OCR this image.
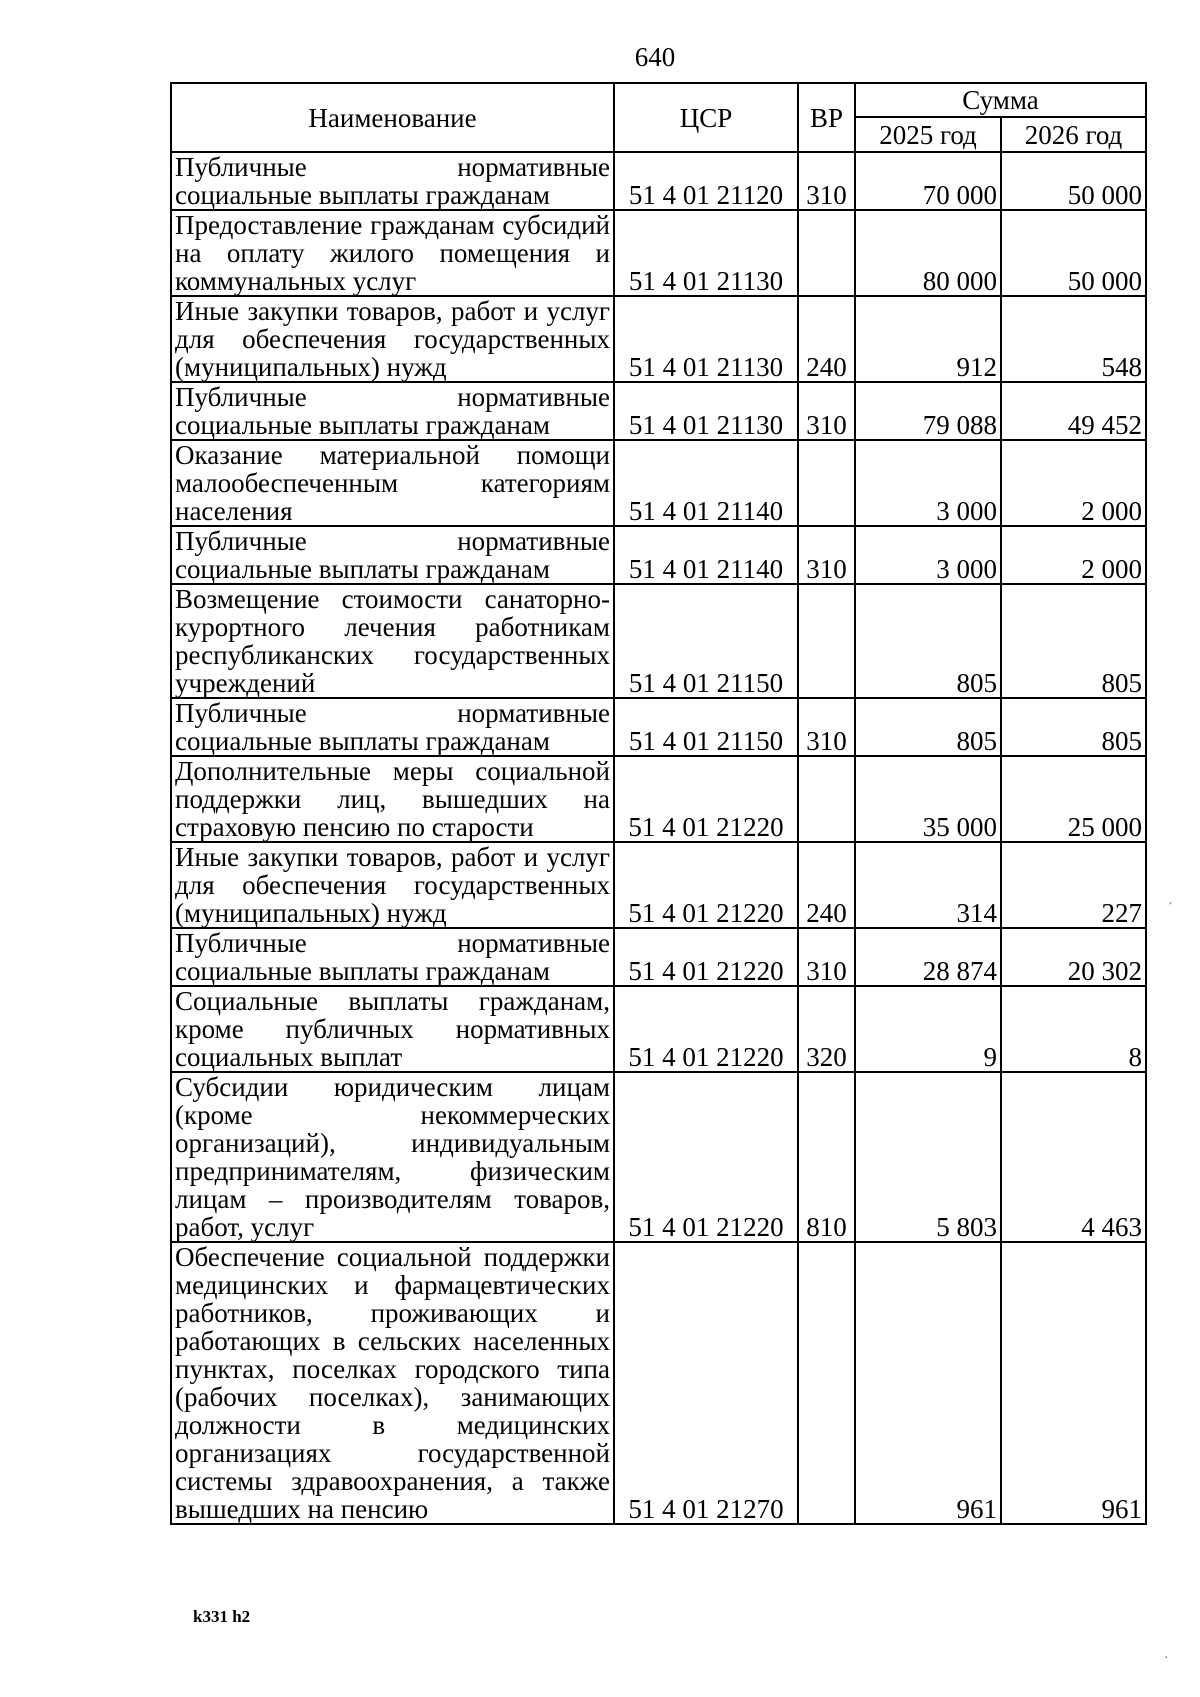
640
Наименование	ЦСР	ВР	Сумма	
			2025 год	2026 год
Публичные нормативные социальные выплаты гражданам	51 4 01 21120	310	70 000	50 000
Предоставление гражданам субсидий на оплату жилого помещения и коммунальных услуг	51 4 01 21130		80 000	50 000
Иные закупки товаров, работ и услуг для обеспечения государственных (муниципальных) нужд	51 4 01 21130	240	912	548
Публичные нормативные социальные выплаты гражданам	51 4 01 21130	310	79 088	49 452
Оказание материальной помощи малообеспеченным категориям населения	51 4 01 21140		3 000	2 000
Публичные нормативные социальные выплаты гражданам	51 4 01 21140	310	3 000	2 000
Возмещение стоимости санаторно-курортного лечения работникам республиканских государственных учреждений	51 4 01 21150		805	805
Публичные нормативные социальные выплаты гражданам	51 4 01 21150	310	805	805
Дополнительные меры социальной поддержки лиц, вышедших на страховую пенсию по старости	51 4 01 21220		35 000	25 000
Иные закупки товаров, работ и услуг для обеспечения государственных (муниципальных) нужд	51 4 01 21220	240	314	227
Публичные нормативные социальные выплаты гражданам	51 4 01 21220	310	28 874	20 302
Социальные выплаты гражданам, кроме публичных нормативных социальных выплат	51 4 01 21220	320	9	8
Субсидии юридическим лицам (кроме некоммерческих организаций), индивидуальным предпринимателям, физическим лицам – производителям товаров, работ, услуг	51 4 01 21220	810	5 803	4 463
Обеспечение социальной поддержки медицинских и фармацевтических работников, проживающих и работающих в сельских населенных пунктах, поселках городского типа (рабочих поселках), занимающих должности в медицинских организациях государственной системы здравоохранения, а также вышедших на пенсию	51 4 01 21270		961	961
k331 h2
ˊ
·
